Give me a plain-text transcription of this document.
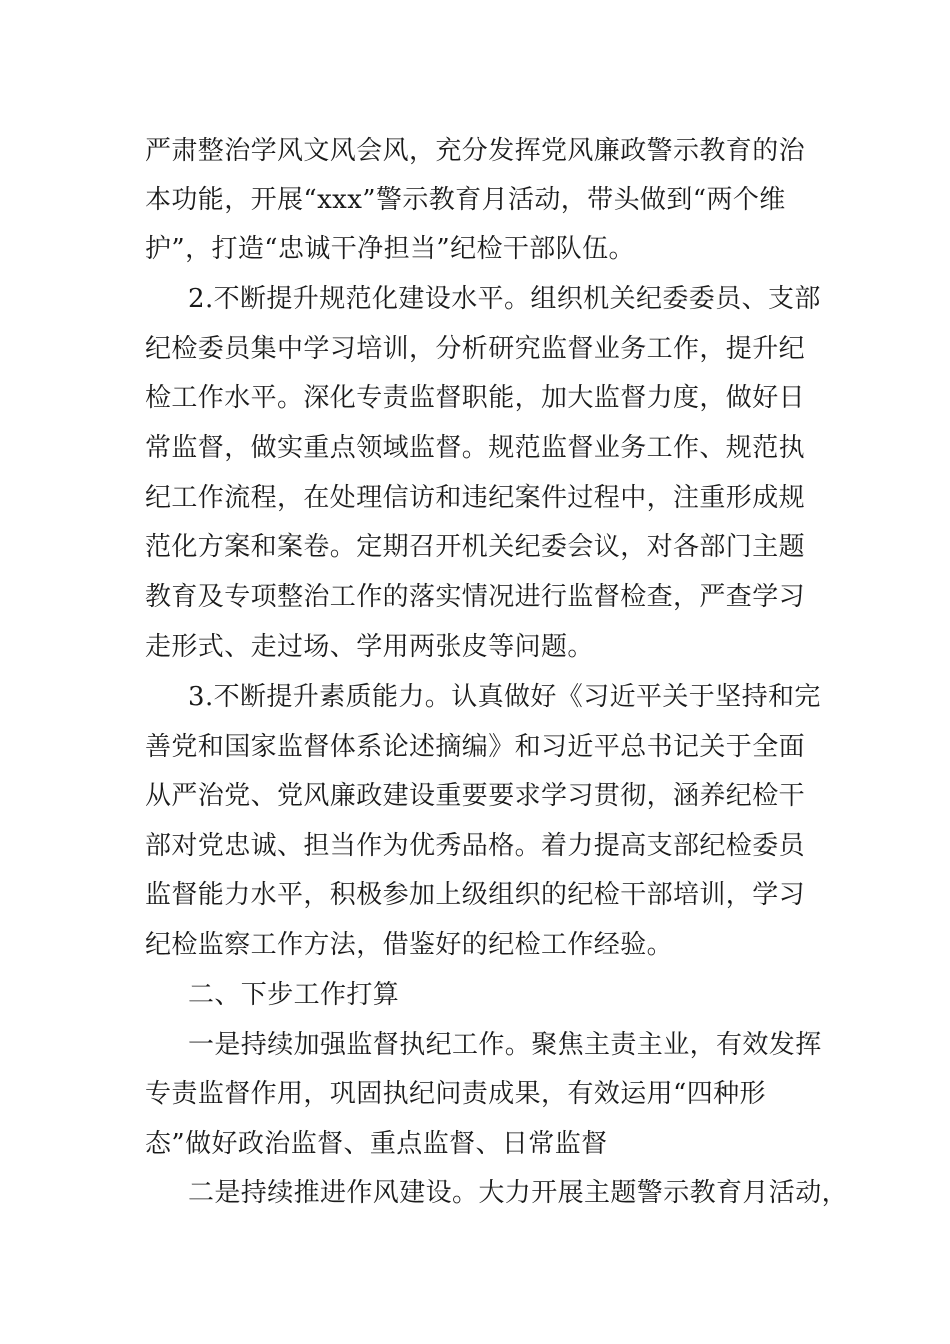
严肃整治学风文风会风，充分发挥党风廉政警示教育的治
本功能，开展“xxx”警示教育月活动，带头做到“两个维
护”，打造“忠诚干净担当”纪检干部队伍。
2.不断提升规范化建设水平。组织机关纪委委员、支部
纪检委员集中学习培训，分析研究监督业务工作，提升纪
检工作水平。深化专责监督职能，加大监督力度，做好日
常监督，做实重点领域监督。规范监督业务工作、规范执
纪工作流程，在处理信访和违纪案件过程中，注重形成规
范化方案和案卷。定期召开机关纪委会议，对各部门主题
教育及专项整治工作的落实情况进行监督检查，严查学习
走形式、走过场、学用两张皮等问题。
3.不断提升素质能力。认真做好《习近平关于坚持和完
善党和国家监督体系论述摘编》和习近平总书记关于全面
从严治党、党风廉政建设重要要求学习贯彻，涵养纪检干
部对党忠诚、担当作为优秀品格。着力提高支部纪检委员
监督能力水平，积极参加上级组织的纪检干部培训，学习
纪检监察工作方法，借鉴好的纪检工作经验。
二、下步工作打算
一是持续加强监督执纪工作。聚焦主责主业，有效发挥
专责监督作用，巩固执纪问责成果，有效运用“四种形
态”做好政治监督、重点监督、日常监督
二是持续推进作风建设。大力开展主题警示教育月活动，
